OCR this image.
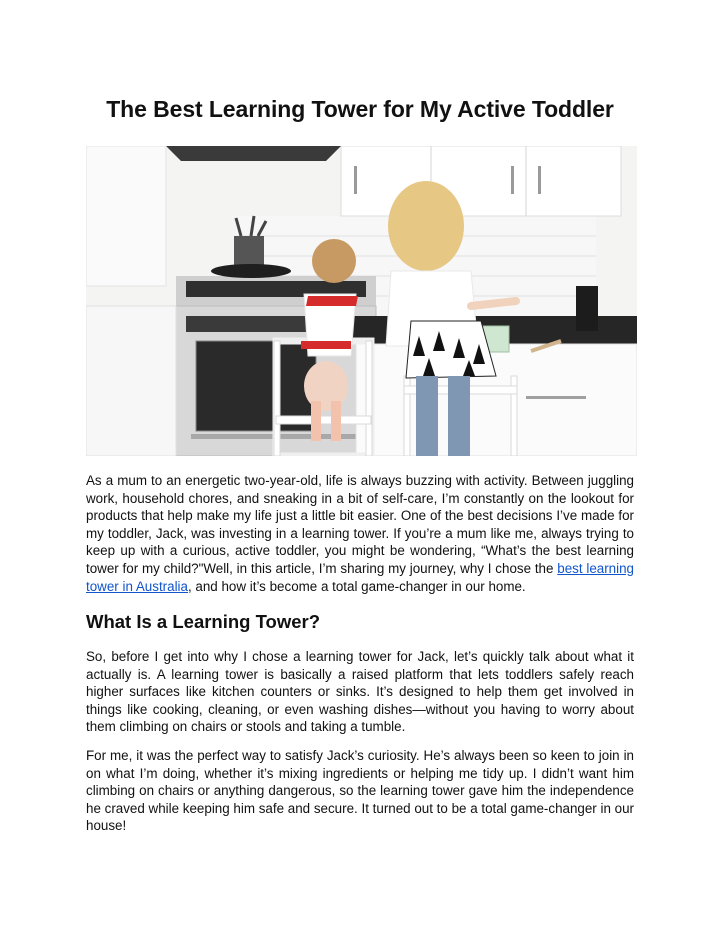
The Best Learning Tower for My Active Toddler

As a mum to an energetic two-year-old, life is always buzzing with activity. Between juggling work, household chores, and sneaking in a bit of self-care, I’m constantly on the lookout for products that help make my life just a little bit easier. One of the best decisions I’ve made for my toddler, Jack, was investing in a learning tower. If you’re a mum like me, always trying to keep up with a curious, active toddler, you might be wondering, “What’s the best learning tower for my child?"Well, in this article, I’m sharing my journey, why I chose the best learning tower in Australia, and how it’s become a total game-changer in our home.

What Is a Learning Tower?

So, before I get into why I chose a learning tower for Jack, let’s quickly talk about what it actually is. A learning tower is basically a raised platform that lets toddlers safely reach higher surfaces like kitchen counters or sinks. It’s designed to help them get involved in things like cooking, cleaning, or even washing dishes—without you having to worry about them climbing on chairs or stools and taking a tumble.

For me, it was the perfect way to satisfy Jack’s curiosity. He’s always been so keen to join in on what I’m doing, whether it’s mixing ingredients or helping me tidy up. I didn’t want him climbing on chairs or anything dangerous, so the learning tower gave him the independence he craved while keeping him safe and secure. It turned out to be a total game-changer in our house!
